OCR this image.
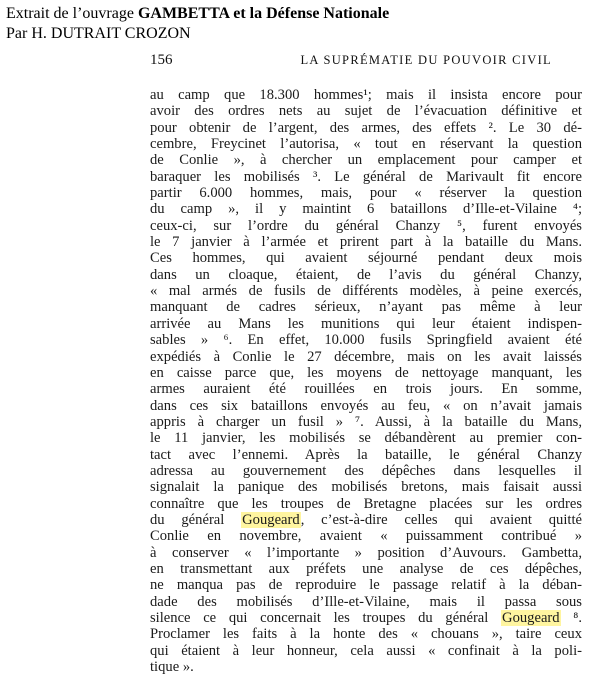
Extrait de l’ouvrage GAMBETTA et la Défense Nationale
Par H. DUTRAIT CROZON
156	LA SUPRÉMATIE DU POUVOIR CIVIL
au camp que 18.300 hommes¹; mais il insista encore pour
avoir des ordres nets au sujet de l’évacuation définitive et
pour obtenir de l’argent, des armes, des effets ². Le 30 dé-
cembre, Freycinet l’autorisa, « tout en réservant la question
de Conlie », à chercher un emplacement pour camper et
baraquer les mobilisés ³. Le général de Marivault fit encore
partir 6.000 hommes, mais, pour « réserver la question
du camp », il y maintint 6 bataillons d’Ille-et-Vilaine ⁴;
ceux-ci, sur l’ordre du général Chanzy ⁵, furent envoyés
le 7 janvier à l’armée et prirent part à la bataille du Mans.
Ces hommes, qui avaient séjourné pendant deux mois
dans un cloaque, étaient, de l’avis du général Chanzy,
« mal armés de fusils de différents modèles, à peine exercés,
manquant de cadres sérieux, n’ayant pas même à leur
arrivée au Mans les munitions qui leur étaient indispen-
sables » ⁶. En effet, 10.000 fusils Springfield avaient été
expédiés à Conlie le 27 décembre, mais on les avait laissés
en caisse parce que, les moyens de nettoyage manquant, les
armes auraient été rouillées en trois jours. En somme,
dans ces six bataillons envoyés au feu, « on n’avait jamais
appris à charger un fusil » ⁷. Aussi, à la bataille du Mans,
le 11 janvier, les mobilisés se débandèrent au premier con-
tact avec l’ennemi. Après la bataille, le général Chanzy
adressa au gouvernement des dépêches dans lesquelles il
signalait la panique des mobilisés bretons, mais faisait aussi
connaître que les troupes de Bretagne placées sur les ordres
du général Gougeard, c’est-à-dire celles qui avaient quitté
Conlie en novembre, avaient « puissamment contribué »
à conserver « l’importante » position d’Auvours. Gambetta,
en transmettant aux préfets une analyse de ces dépêches,
ne manqua pas de reproduire le passage relatif à la déban-
dade des mobilisés d’Ille-et-Vilaine, mais il passa sous
silence ce qui concernait les troupes du général Gougeard ⁸.
Proclamer les faits à la honte des « chouans », taire ceux
qui étaient à leur honneur, cela aussi « confinait à la poli-
tique ».
